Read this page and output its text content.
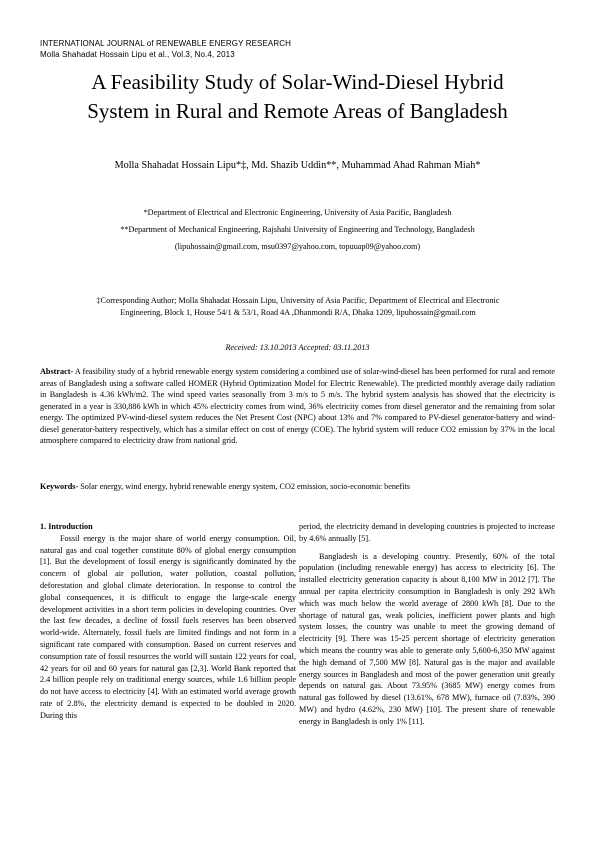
INTERNATIONAL JOURNAL of RENEWABLE ENERGY RESEARCH
Molla Shahadat Hossain Lipu et al., Vol.3, No.4, 2013
A Feasibility Study of Solar-Wind-Diesel Hybrid
System in Rural and Remote Areas of Bangladesh
Molla Shahadat Hossain Lipu*‡, Md. Shazib Uddin**, Muhammad Ahad Rahman Miah*
*Department of Electrical and Electronic Engineering, University of Asia Pacific, Bangladesh
**Department of Mechanical Engineering, Rajshahi University of Engineering and Technology, Bangladesh
(lipuhossain@gmail.com, msu0397@yahoo.com, topuuap09@yahoo.com)
‡Corresponding Author; Molla Shahadat Hossain Lipu, University of Asia Pacific, Department of Electrical and Electronic
Engineering, Block 1, House 54/1 & 53/1, Road 4A ,Dhanmondi R/A, Dhaka 1209, lipuhossain@gmail.com
Received: 13.10.2013 Accepted: 03.11.2013

Abstract- A feasibility study of a hybrid renewable energy system considering a combined use of solar-wind-diesel has been performed for rural and remote areas of Bangladesh using a software called HOMER (Hybrid Optimization Model for Electric Renewable). The predicted monthly average daily radiation in Bangladesh is 4.36 kWh/m2. The wind speed varies seasonally from 3 m/s to 5 m/s. The hybrid system analysis has showed that the electricity is generated in a year is 330,886 kWh in which 45% electricity comes from wind, 36% electricity comes from diesel generator and the remaining from solar energy. The optimized PV-wind-diesel system reduces the Net Present Cost (NPC) about 13% and 7% compared to PV-diesel generator-battery and wind-diesel generator-battery respectively, which has a similar effect on cost of energy (COE). The hybrid system will reduce CO2 emission by 37% in the local atmosphere compared to electricity draw from national grid.

Keywords- Solar energy, wind energy, hybrid renewable energy system, CO2 emission, socio-economic benefits

1. Introduction

Fossil energy is the major share of world energy consumption. Oil, natural gas and coal together constitute 80% of global energy consumption [1]. But the development of fossil energy is significantly dominated by the concern of global air pollution, water pollution, coastal pollution, deforestation and global climate deterioration. In response to control the global consequences, it is difficult to engage the large-scale energy development activities in a short term policies in developing countries. Over the last few decades, a decline of fossil fuels reserves has been observed world-wide. Alternately, fossil fuels are limited findings and not form in a significant rate compared with consumption. Based on current reserves and consumption rate of fossil resources the world will sustain 122 years for coal, 42 years for oil and 60 years for natural gas [2,3]. World Bank reported that 2.4 billion people rely on traditional energy sources, while 1.6 billion people do not have access to electricity [4]. With an estimated world average growth rate of 2.8%, the electricity demand is expected to be doubled in 2020. During this

period, the electricity demand in developing countries is projected to increase by 4.6% annually [5].

Bangladesh is a developing country. Presently, 60% of the total population (including renewable energy) has access to electricity [6]. The installed electricity generation capacity is about 8,100 MW in 2012 [7]. The annual per capita electricity consumption in Bangladesh is only 292 kWh which was much below the world average of 2800 kWh [8]. Due to the shortage of natural gas, weak policies, inefficient power plants and high system losses, the country was unable to meet the growing demand of electricity [9]. There was 15-25 percent shortage of electricity generation which means the country was able to generate only 5,600-6,350 MW against the high demand of 7,500 MW [8]. Natural gas is the major and available energy sources in Bangladesh and most of the power generation unit greatly depends on natural gas. About 73.95% (3685 MW) energy comes from natural gas followed by diesel (13.61%, 678 MW), furnace oil (7.83%, 390 MW) and hydro (4.62%, 230 MW) [10]. The present share of renewable energy in Bangladesh is only 1% [11].
